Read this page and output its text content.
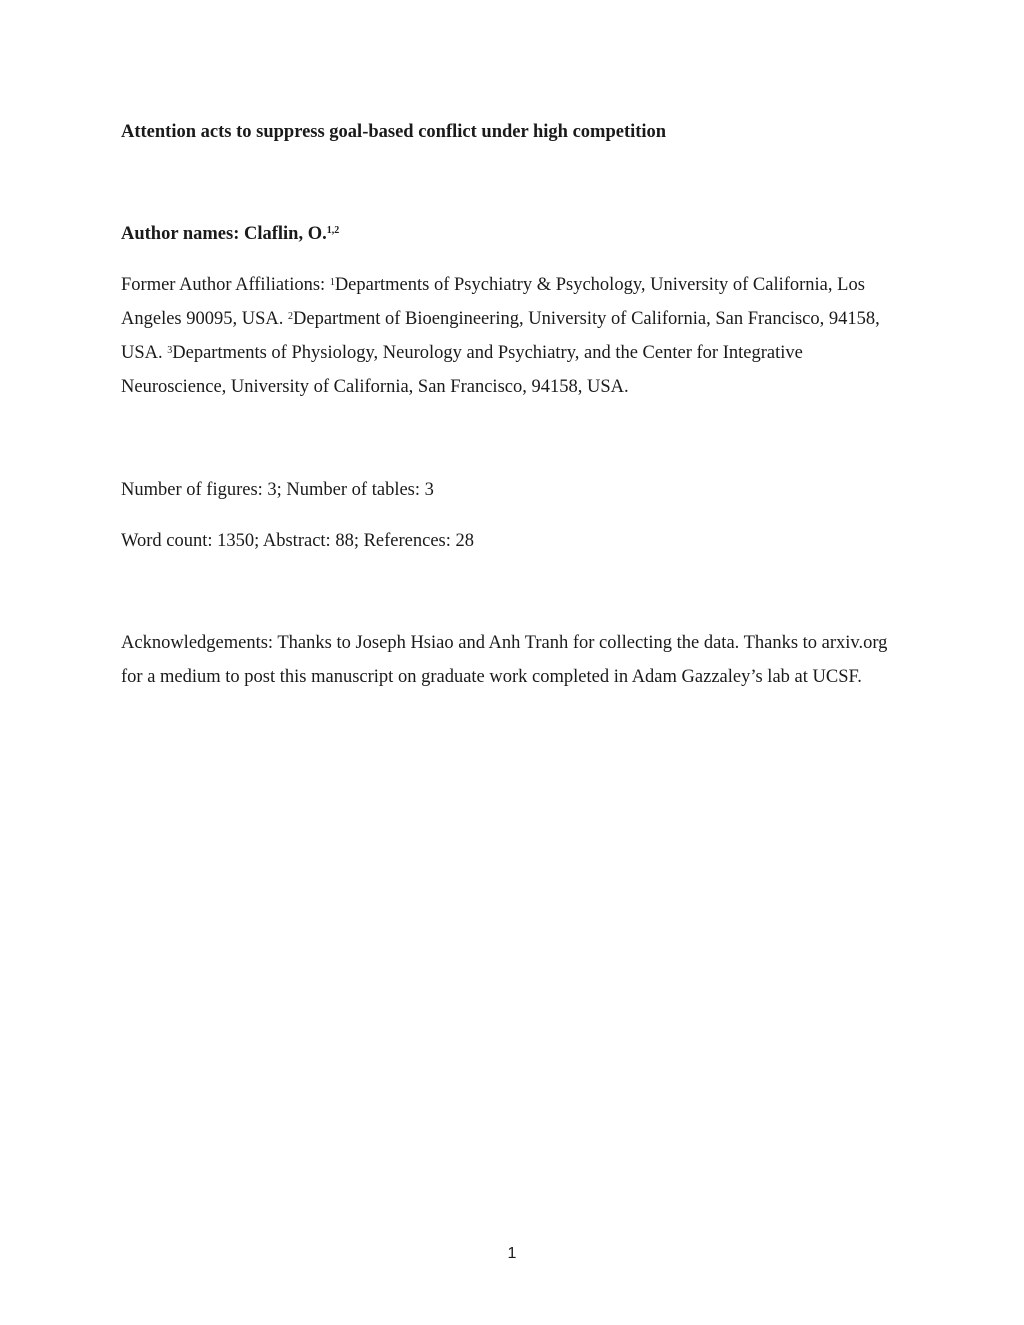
Attention acts to suppress goal-based conflict under high competition

Author names: Claflin, O.$^{1,2}$

Former Author Affiliations: $^1$Departments of Psychiatry & Psychology, University of California, Los Angeles 90095, USA. $^2$Department of Bioengineering, University of California, San Francisco, 94158, USA. $^3$Departments of Physiology, Neurology and Psychiatry, and the Center for Integrative Neuroscience, University of California, San Francisco, 94158, USA.

Number of figures: 3; Number of tables: 3

Word count: 1350; Abstract: 88; References: 28

Acknowledgements: Thanks to Joseph Hsiao and Anh Tranh for collecting the data. Thanks to arxiv.org for a medium to post this manuscript on graduate work completed in Adam Gazzaley’s lab at UCSF.

1
